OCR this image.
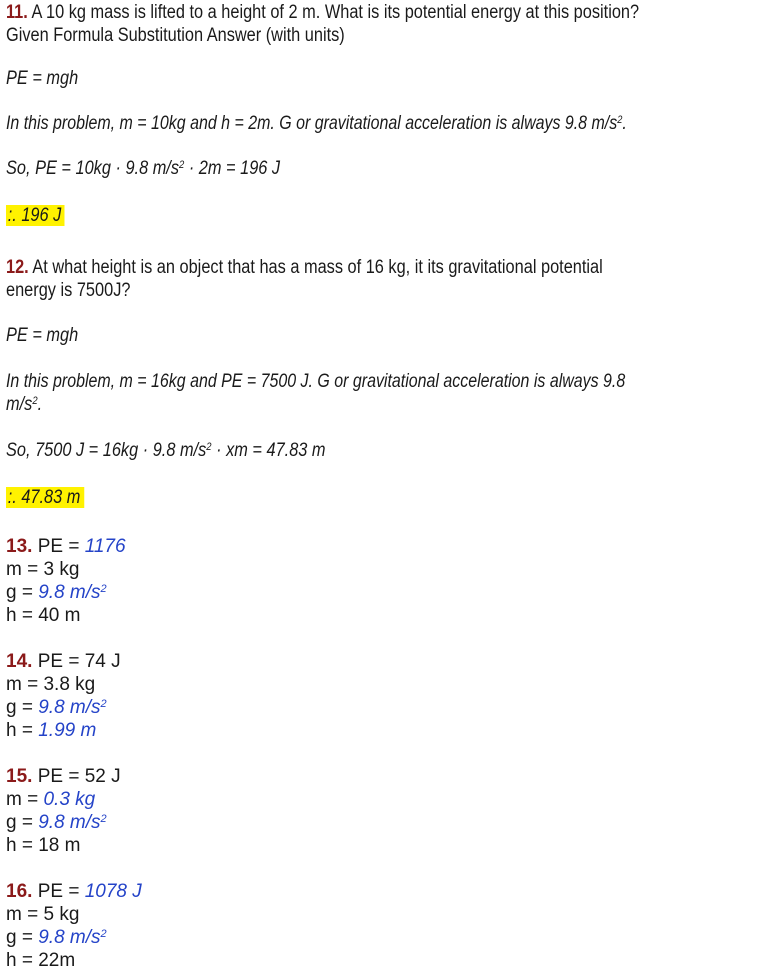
11. A 10 kg mass is lifted to a height of 2 m. What is its potential energy at this position?
Given Formula Substitution Answer (with units)
PE = mgh
In this problem, m = 10kg and h = 2m. G or gravitational acceleration is always 9.8 $m/s^2$.
So, PE = 10kg · 9.8 $m/s^2 \cdot 2m = 196$ J
:. 196 J
12. At what height is an object that has a mass of 16 kg, it its gravitational potential
energy is 7500J?
PE = mgh
In this problem, m = 16kg and PE = 7500 J. G or gravitational acceleration is always 9.8
$m/s^2$.
So, 7500 J = 16kg · 9.8 $m/s^2$ · xm = 47.83 m
:. 47.83 m
13. PE = 1176
m = 3 kg
g = 9.8 $m/s^2$
h = 40 m
14. PE = 74 J
m = 3.8 kg
g = 9.8 $m/s^2$
h = 1.99 m
15. PE = 52 J
m = 0.3 kg
g = 9.8 $m/s^2$
h = 18 m
16. PE = 1078 J
m = 5 kg
g = 9.8 $m/s^2$
h = 22m
